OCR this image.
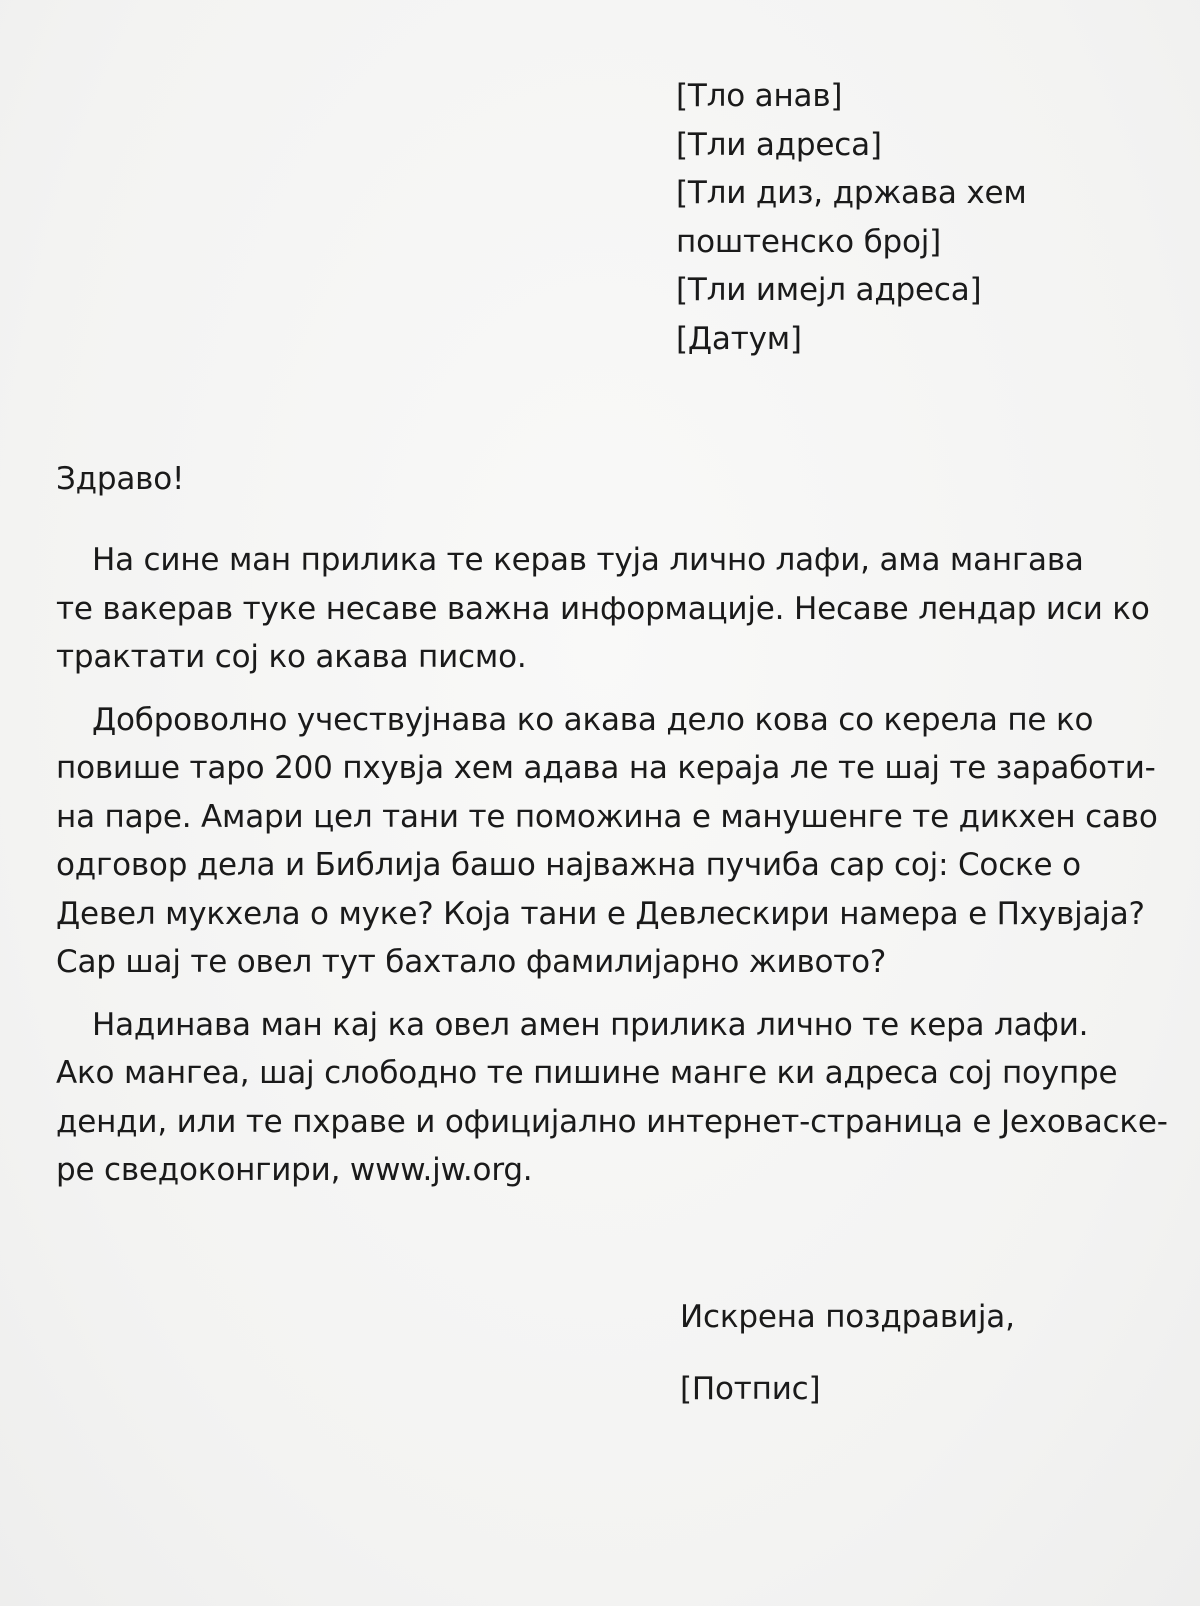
[Тло анав]
[Тли адреса]
[Тли диз, држава хем
поштенско број]
[Тли имејл адреса]
[Датум]
Здраво!
На сине ман прилика те керав туја лично лафи, ама мангава
те вакерав туке несаве важна информације. Несаве лендар иси ко
трактати сој ко акава писмо.
Доброволно учествујнава ко акава дело кова со керела пе ко
повише таро 200 пхувја хем адава на кераја ле те шај те заработи-
на паре. Амари цел тани те поможина е манушенге те дикхен саво
одговор дела и Библија башо најважна пучиба сар сој: Соске о
Девел мукхела о муке? Која тани е Девлескири намера е Пхувјаја?
Сар шај те овел тут бахтало фамилијарно живото?
Надинава ман кај ка овел амен прилика лично те кера лафи.
Ако мангеа, шај слободно те пишине манге ки адреса сој поупре
денди, или те пхраве и официјално интернет-страница е Јеховаске-
ре сведоконгири, www.jw.org.
Искрена поздравија,
[Потпис]
